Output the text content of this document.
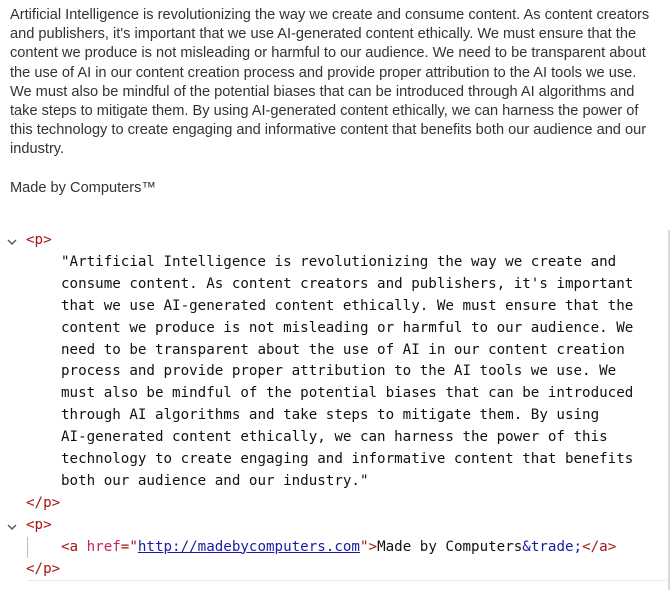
Artificial Intelligence is revolutionizing the way we create and consume content. As content creators and publishers, it's important that we use AI-generated content ethically. We must ensure that the content we produce is not misleading or harmful to our audience. We need to be transparent about the use of AI in our content creation process and provide proper attribution to the AI tools we use. We must also be mindful of the potential biases that can be introduced through AI algorithms and take steps to mitigate them. By using AI-generated content ethically, we can harness the power of this technology to create engaging and informative content that benefits both our audience and our industry.

Made by Computers™

<p>
"Artificial Intelligence is revolutionizing the way we create and
consume content. As content creators and publishers, it's important
that we use AI-generated content ethically. We must ensure that the
content we produce is not misleading or harmful to our audience. We
need to be transparent about the use of AI in our content creation
process and provide proper attribution to the AI tools we use. We
must also be mindful of the potential biases that can be introduced
through AI algorithms and take steps to mitigate them. By using
AI-generated content ethically, we can harness the power of this
technology to create engaging and informative content that benefits
both our audience and our industry."
</p>
<p>
<a href="http://madebycomputers.com">Made by Computers&trade;</a>
</p>
